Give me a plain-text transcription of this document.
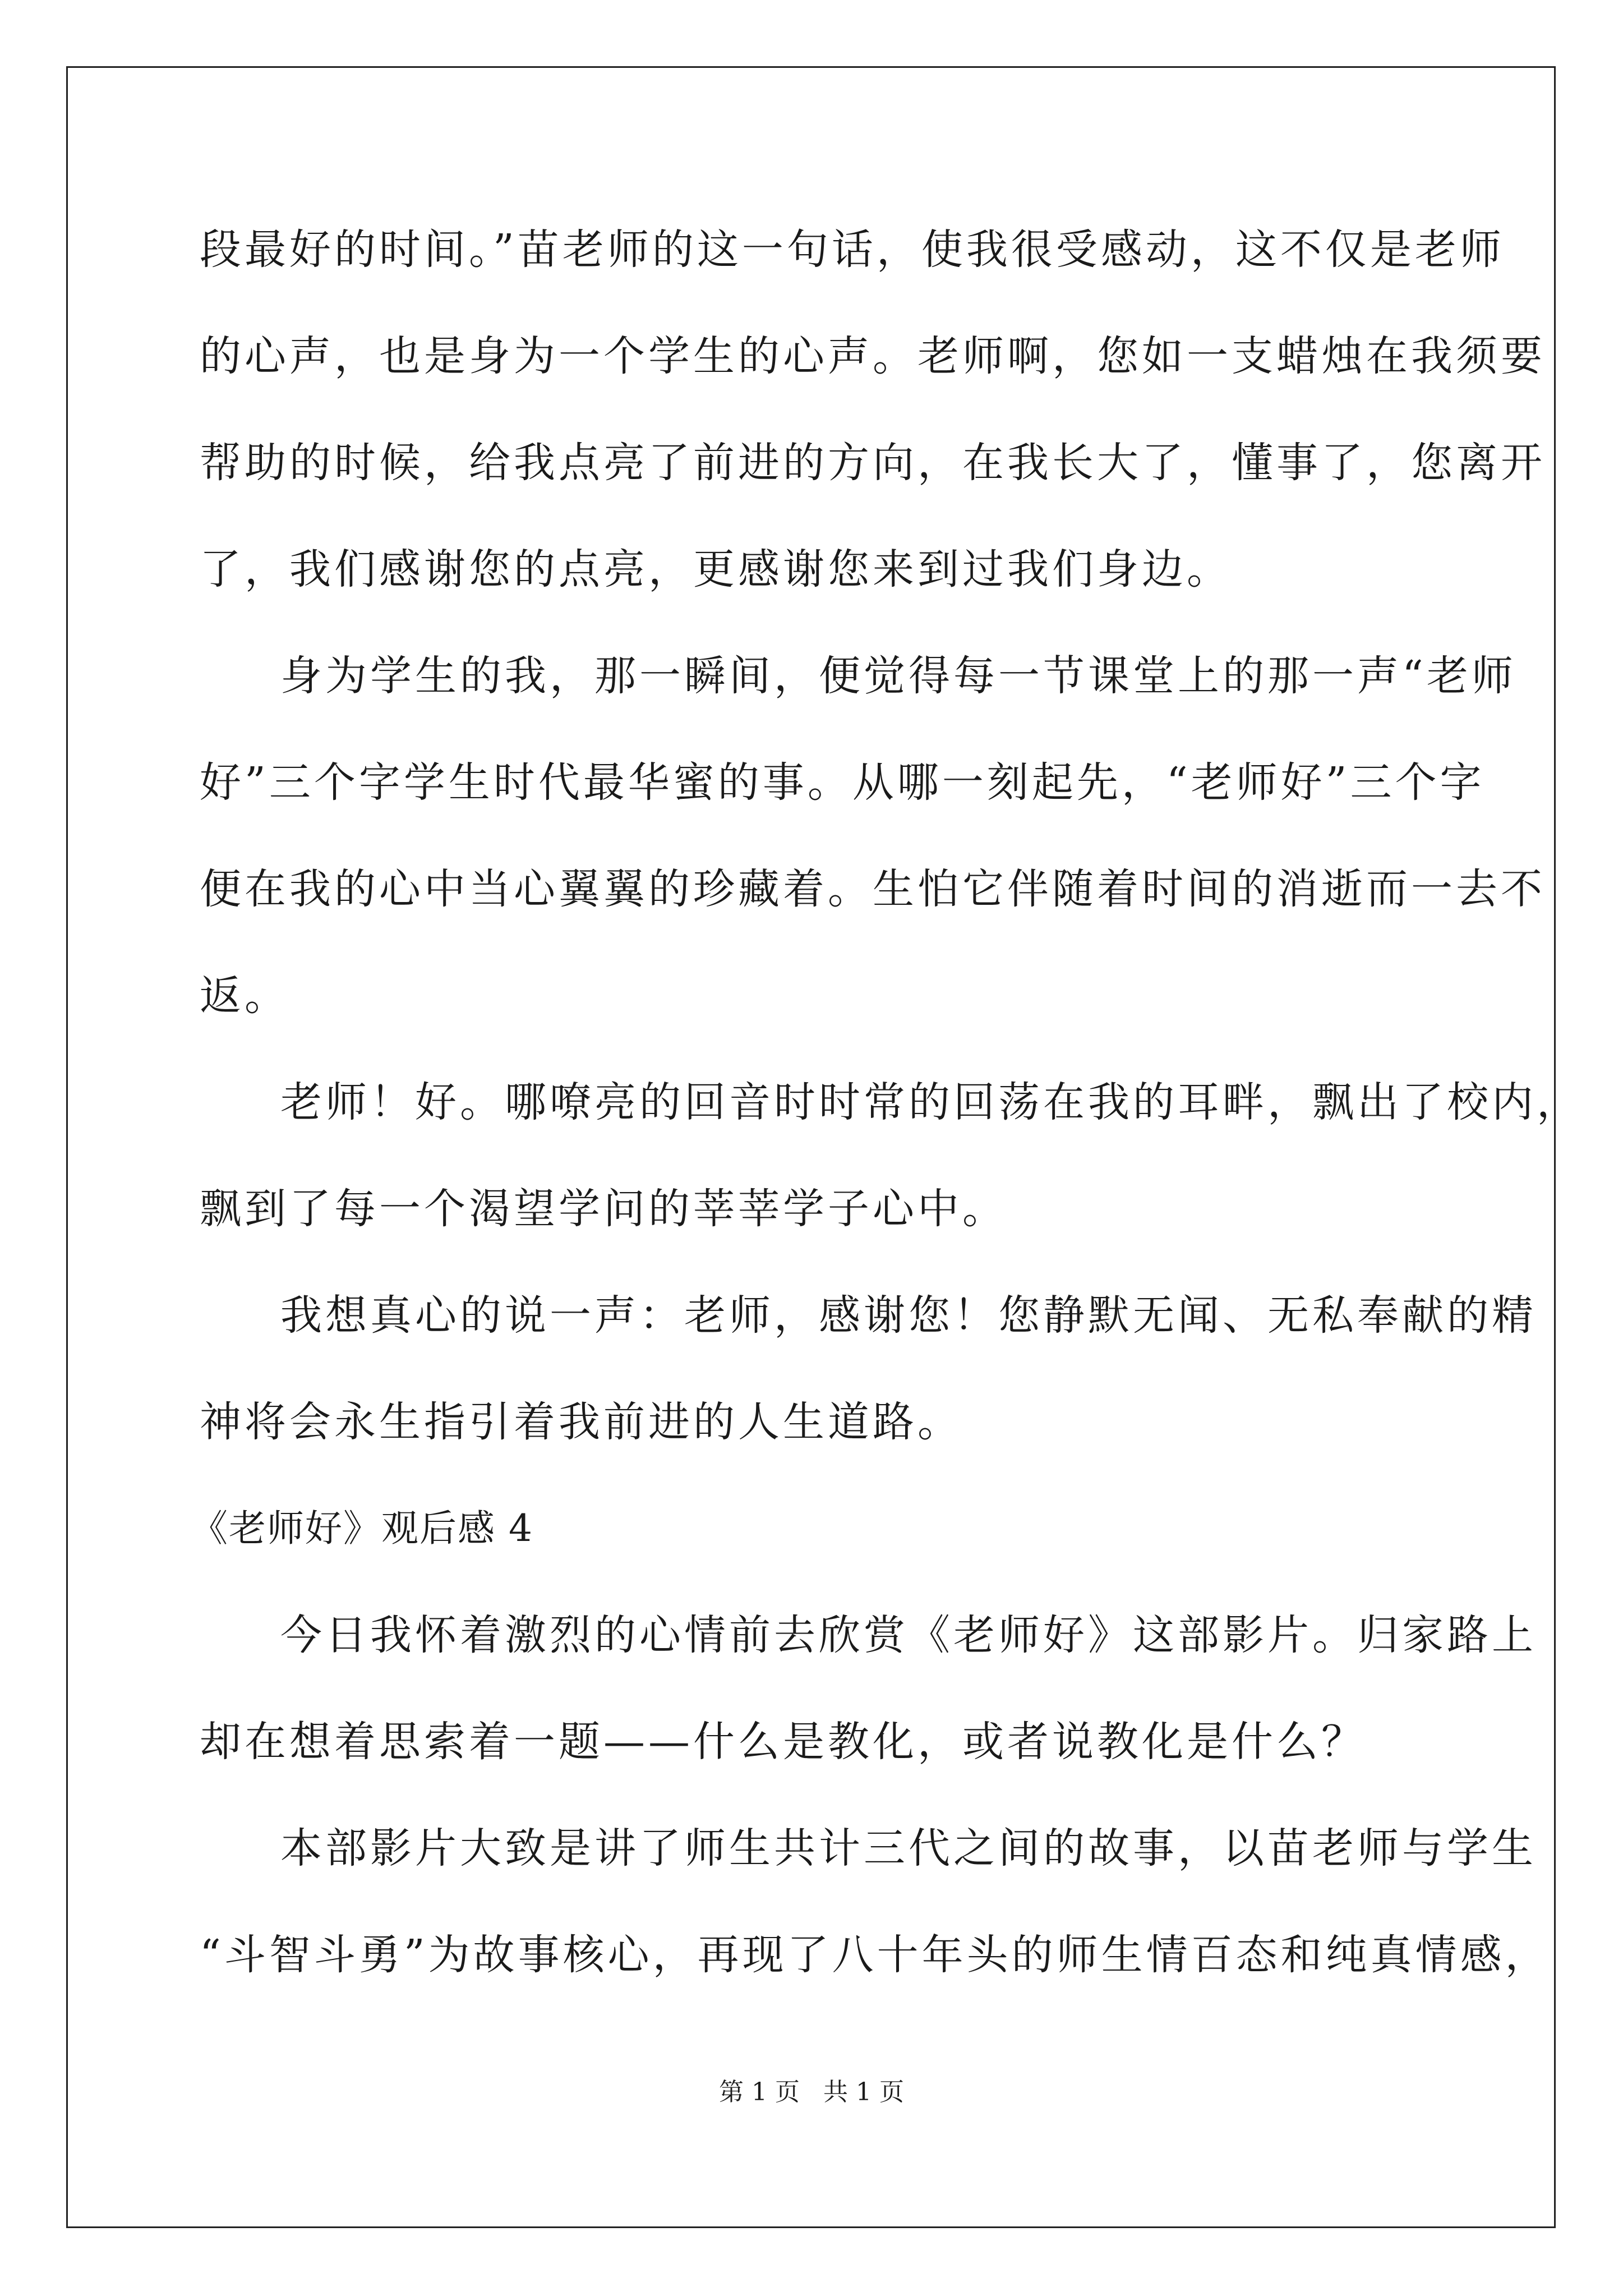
段最好的时间。”苗老师的这一句话，使我很受感动，这不仅是老师
的心声，也是身为一个学生的心声。老师啊，您如一支蜡烛在我须要
帮助的时候，给我点亮了前进的方向，在我长大了，懂事了，您离开
了，我们感谢您的点亮，更感谢您来到过我们身边。
身为学生的我，那一瞬间，便觉得每一节课堂上的那一声“老师
好”三个字学生时代最华蜜的事。从哪一刻起先，“老师好”三个字
便在我的心中当心翼翼的珍藏着。生怕它伴随着时间的消逝而一去不
返。
老师！好。哪嘹亮的回音时时常的回荡在我的耳畔，飘出了校内，
飘到了每一个渴望学问的莘莘学子心中。
我想真心的说一声：老师，感谢您！您静默无闻、无私奉献的精
神将会永生指引着我前进的人生道路。
《老师好》观后感 4
今日我怀着激烈的心情前去欣赏《老师好》这部影片。归家路上
却在想着思索着一题——什么是教化，或者说教化是什么？
本部影片大致是讲了师生共计三代之间的故事，以苗老师与学生
“斗智斗勇”为故事核心，再现了八十年头的师生情百态和纯真情感，
第 1 页   共 1 页
